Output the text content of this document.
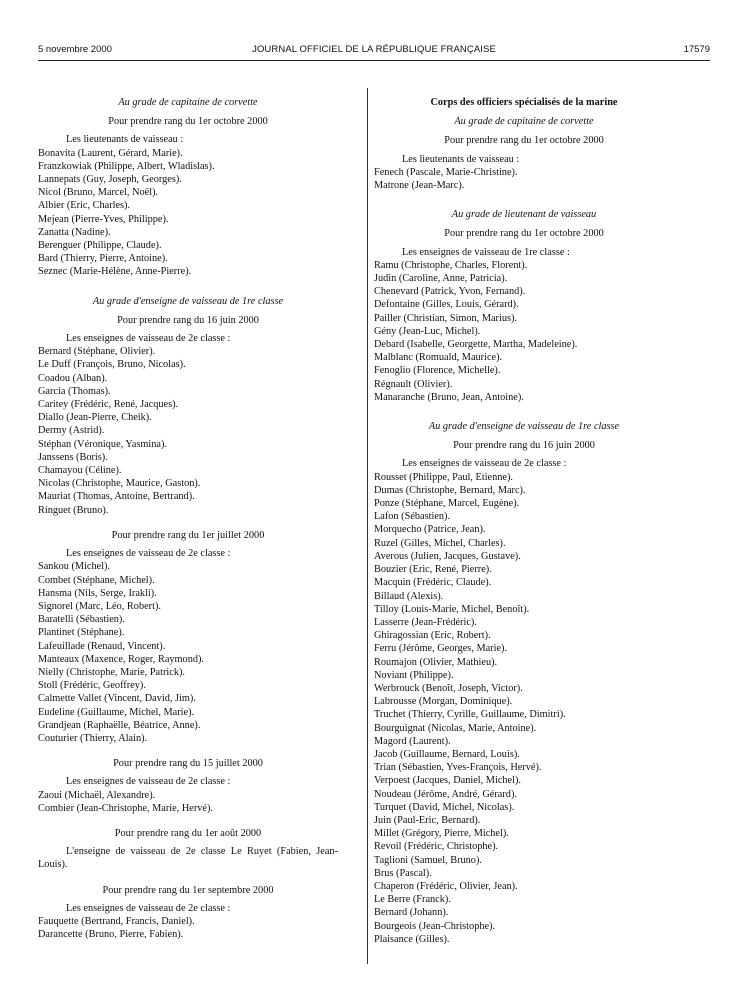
5 novembre 2000	JOURNAL OFFICIEL DE LA RÉPUBLIQUE FRANÇAISE	17579

Au grade de capitaine de corvette

Pour prendre rang du 1er octobre 2000

Les lieutenants de vaisseau :

Bonavita (Laurent, Gérard, Marie).

Franzkowiak (Philippe, Albert, Wladislas).

Lannepats (Guy, Joseph, Georges).

Nicol (Bruno, Marcel, Noël).

Albier (Eric, Charles).

Mejean (Pierre-Yves, Philippe).

Zanatta (Nadine).

Berenguer (Philippe, Claude).

Bard (Thierry, Pierre, Antoine).

Seznec (Marie-Hélène, Anne-Pierre).

Au grade d'enseigne de vaisseau de 1re classe

Pour prendre rang du 16 juin 2000

Les enseignes de vaisseau de 2e classe :

Bernard (Stéphane, Olivier).

Le Duff (François, Bruno, Nicolas).

Coadou (Alban).

Garcia (Thomas).

Caritey (Frédéric, René, Jacques).

Diallo (Jean-Pierre, Cheik).

Dermy (Astrid).

Stéphan (Véronique, Yasmina).

Janssens (Boris).

Chamayou (Céline).

Nicolas (Christophe, Maurice, Gaston).

Mauriat (Thomas, Antoine, Bertrand).

Ringuet (Bruno).

Pour prendre rang du 1er juillet 2000

Les enseignes de vaisseau de 2e classe :

Sankou (Michel).

Combet (Stéphane, Michel).

Hansma (Nils, Serge, Irakli).

Signorel (Marc, Léo, Robert).

Baratelli (Sébastien).

Plantinet (Stéphane).

Lafeuillade (Renaud, Vincent).

Manteaux (Maxence, Roger, Raymond).

Nielly (Christophe, Marie, Patrick).

Stoll (Frédéric, Geoffrey).

Calmette Vallet (Vincent, David, Jim).

Eudeline (Guillaume, Michel, Marie).

Grandjean (Raphaëlle, Béatrice, Anne).

Couturier (Thierry, Alain).

Pour prendre rang du 15 juillet 2000

Les enseignes de vaisseau de 2e classe :

Zaoui (Michaël, Alexandre).

Combier (Jean-Christophe, Marie, Hervé).

Pour prendre rang du 1er août 2000

L'enseigne de vaisseau de 2e classe Le Ruyet (Fabien, Jean-Louis).

Pour prendre rang du 1er septembre 2000

Les enseignes de vaisseau de 2e classe :

Fauquette (Bertrand, Francis, Daniel).

Darancette (Bruno, Pierre, Fabien).

Corps des officiers spécialisés de la marine

Au grade de capitaine de corvette

Pour prendre rang du 1er octobre 2000

Les lieutenants de vaisseau :

Fenech (Pascale, Marie-Christine).

Matrone (Jean-Marc).

Au grade de lieutenant de vaisseau

Pour prendre rang du 1er octobre 2000

Les enseignes de vaisseau de 1re classe :

Ramu (Christophe, Charles, Florent).

Judin (Caroline, Anne, Patricia).

Chenevard (Patrick, Yvon, Fernand).

Defontaine (Gilles, Louis, Gérard).

Pailler (Christian, Simon, Marius).

Gény (Jean-Luc, Michel).

Debard (Isabelle, Georgette, Martha, Madeleine).

Malblanc (Romuald, Maurice).

Fenoglio (Florence, Michelle).

Régnault (Olivier).

Manaranche (Bruno, Jean, Antoine).

Au grade d'enseigne de vaisseau de 1re classe

Pour prendre rang du 16 juin 2000

Les enseignes de vaisseau de 2e classe :

Rousset (Philippe, Paul, Etienne).

Dumas (Christophe, Bernard, Marc).

Ponze (Stéphane, Marcel, Eugène).

Lafon (Sébastien).

Morquecho (Patrice, Jean).

Ruzel (Gilles, Michel, Charles).

Averous (Julien, Jacques, Gustave).

Bouzier (Eric, René, Pierre).

Macquin (Frédéric, Claude).

Billaud (Alexis).

Tilloy (Louis-Marie, Michel, Benoît).

Lasserre (Jean-Frédéric).

Ghiragossian (Eric, Robert).

Ferru (Jérôme, Georges, Marie).

Roumajon (Olivier, Mathieu).

Noviant (Philippe).

Werbrouck (Benoît, Joseph, Victor).

Labrousse (Morgan, Dominique).

Truchet (Thierry, Cyrille, Guillaume, Dimitri).

Bourguignat (Nicolas, Marie, Antoine).

Magord (Laurent).

Jacob (Guillaume, Bernard, Louis).

Trian (Sébastien, Yves-François, Hervé).

Verpoest (Jacques, Daniel, Michel).

Noudeau (Jérôme, André, Gérard).

Turquet (David, Michel, Nicolas).

Juin (Paul-Eric, Bernard).

Millet (Grégory, Pierre, Michel).

Revoil (Frédéric, Christophe).

Taglioni (Samuel, Bruno).

Brus (Pascal).

Chaperon (Frédéric, Olivier, Jean).

Le Berre (Franck).

Bernard (Johann).

Bourgeois (Jean-Christophe).

Plaisance (Gilles).
